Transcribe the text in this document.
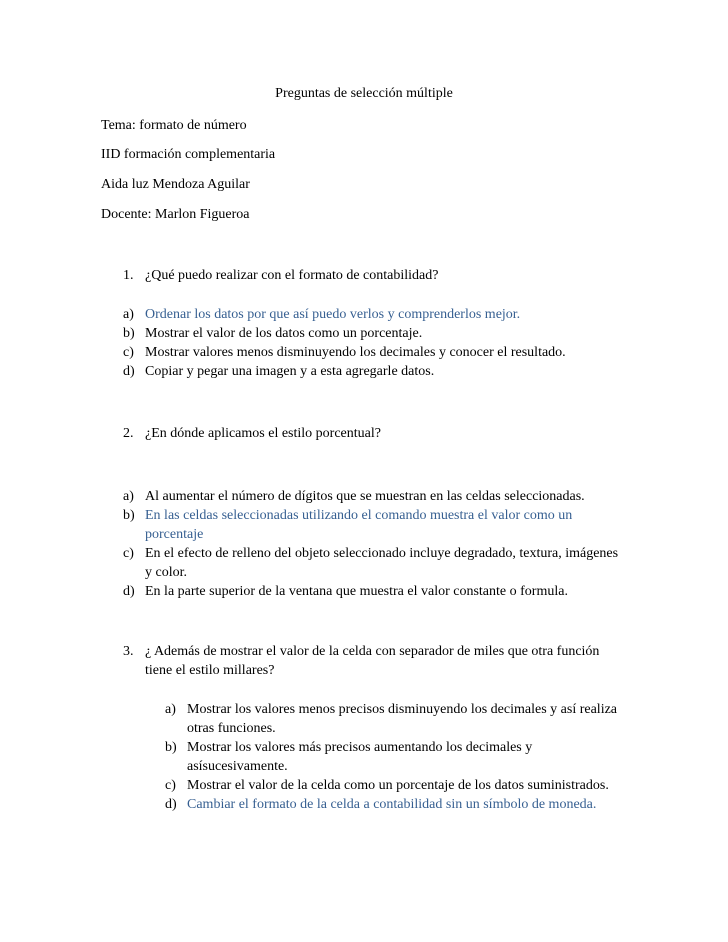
Preguntas de selección múltiple
Tema: formato de número
IID formación complementaria
Aida luz Mendoza Aguilar
Docente: Marlon Figueroa
1. ¿Qué puedo realizar con el formato de contabilidad?
a) Ordenar los datos por que así puedo verlos y comprenderlos mejor.
b) Mostrar el valor de los datos como un porcentaje.
c) Mostrar valores menos disminuyendo los decimales y conocer el resultado.
d) Copiar y pegar una imagen y a esta agregarle datos.
2. ¿En dónde aplicamos el estilo porcentual?
a) Al aumentar el número de dígitos que se muestran en las celdas seleccionadas.
b) En las celdas seleccionadas utilizando el comando muestra el valor como un
porcentaje
c) En el efecto de relleno del objeto seleccionado incluye degradado, textura, imágenes
y color.
d) En la parte superior de la ventana que muestra el valor constante o formula.
3. ¿ Además de mostrar el valor de la celda con separador de miles que otra función
tiene el estilo millares?
a) Mostrar los valores menos precisos disminuyendo los decimales y así realiza
otras funciones.
b) Mostrar los valores más precisos aumentando los decimales y
asísucesivamente.
c) Mostrar el valor de la celda como un porcentaje de los datos suministrados.
d) Cambiar el formato de la celda a contabilidad sin un símbolo de moneda.
